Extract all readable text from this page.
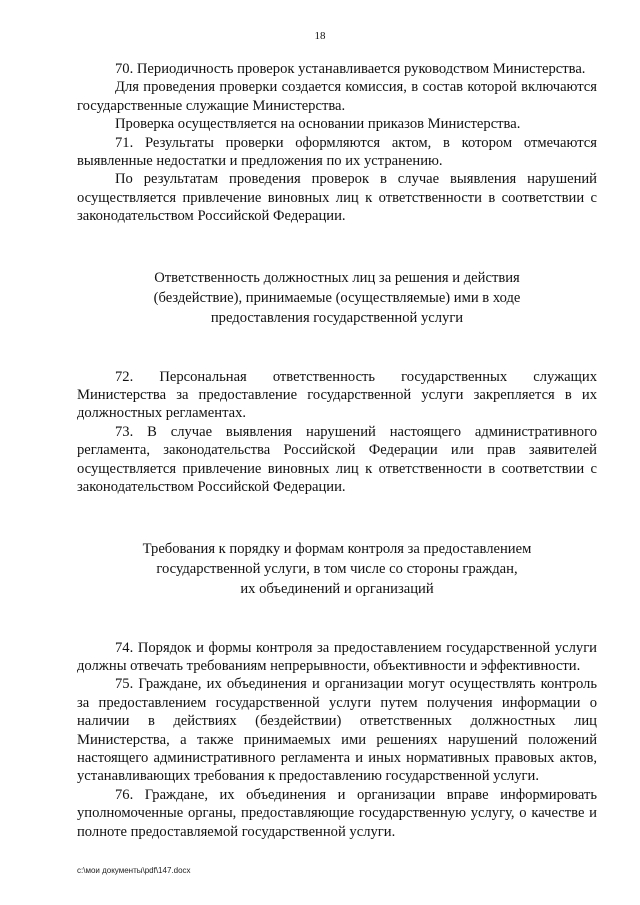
18

70. Периодичность проверок устанавливается руководством Министерства.

Для проведения проверки создается комиссия, в состав которой включаются государственные служащие Министерства.

Проверка осуществляется на основании приказов Министерства.

71. Результаты проверки оформляются актом, в котором отмечаются выявленные недостатки и предложения по их устранению.

По результатам проведения проверок в случае выявления нарушений осуществляется привлечение виновных лиц к ответственности в соответствии с законодательством Российской Федерации.

Ответственность должностных лиц за решения и действия
(бездействие), принимаемые (осуществляемые) ими в ходе
предоставления государственной услуги

72. Персональная ответственность государственных служащих Министерства за предоставление государственной услуги закрепляется в их должностных регламентах.

73. В случае выявления нарушений настоящего административного регламента, законодательства Российской Федерации или прав заявителей осуществляется привлечение виновных лиц к ответственности в соответствии с законодательством Российской Федерации.

Требования к порядку и формам контроля за предоставлением
государственной услуги, в том числе со стороны граждан,
их объединений и организаций

74. Порядок и формы контроля за предоставлением государственной услуги должны отвечать требованиям непрерывности, объективности и эффективности.

75. Граждане, их объединения и организации могут осуществлять контроль за предоставлением государственной услуги путем получения информации о наличии в действиях (бездействии) ответственных должностных лиц Министерства, а также принимаемых ими решениях нарушений положений настоящего административного регламента и иных нормативных правовых актов, устанавливающих требования к предоставлению государственной услуги.

76. Граждане, их объединения и организации вправе информировать уполномоченные органы, предоставляющие государственную услугу, о качестве и полноте предоставляемой государственной услуги.

c:\мои документы\pdf\147.docx
